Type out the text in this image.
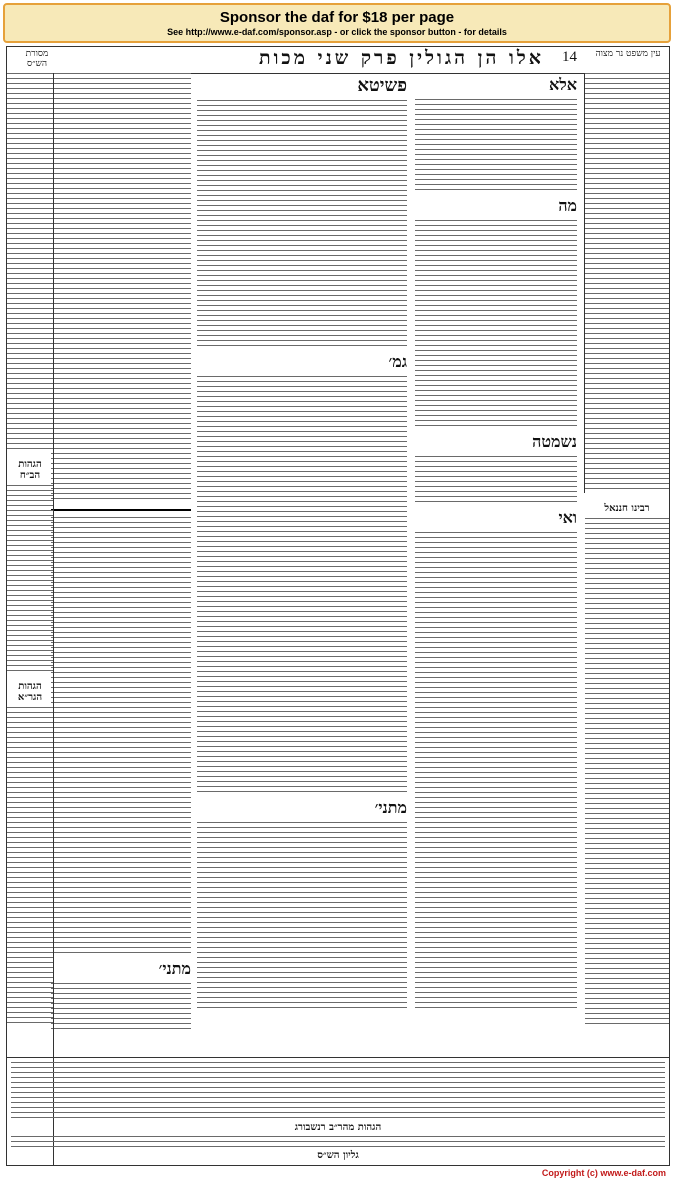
Sponsor the daf for $18 per page
See http://www.e-daf.com/sponsor.asp - or click the sponsor button - for details
עין משפט נר מצוה
14
אלו הן הגולין פרק שני מכות
מסורת הש״ס
רבינו חננאל
אלא
מה
נשמטה
ואי
פשיטא
גמ׳
מתני׳
מתני׳
הגהות הב״ח
הגהות הגר״א
הגהות מהר״ב רנשבורג
גליון הש״ס
Copyright (c) www.e-daf.com
